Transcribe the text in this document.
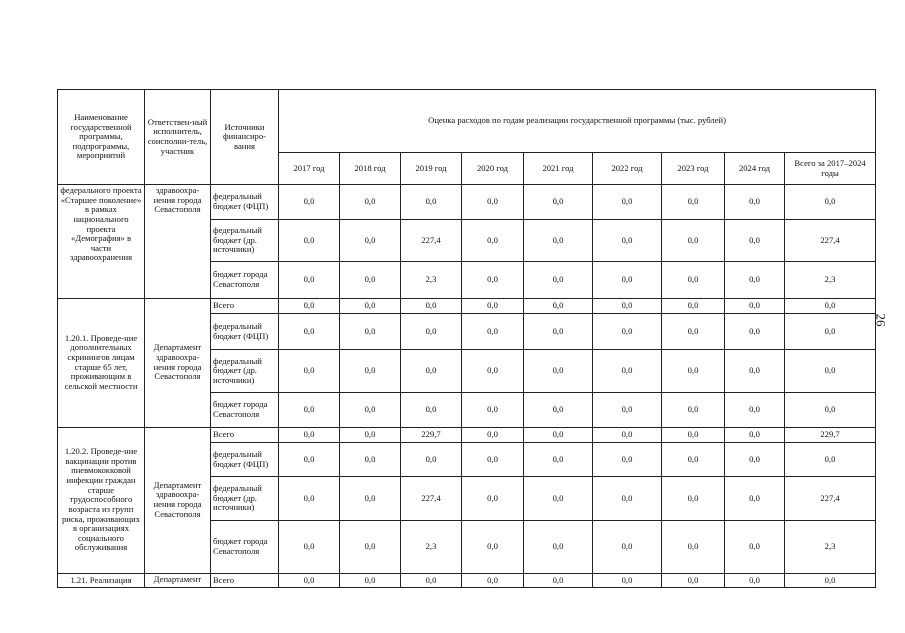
Наименование государственной программы, подпрограммы, мероприятий	Ответствен-ный исполнитель, соисполни-тель, участник	Источники финансиро-вания	Оценка расходов по годам реализации государственной программы (тыс. рублей)								
			2017 год	2018 год	2019 год	2020 год	2021 год	2022 год	2023 год	2024 год	Всего за 2017–2024 годы
федерального проекта «Старшее поколение» в рамках национального проекта «Демография» в части здравоохранения	здравоохра-нения города Севастополя	федеральный бюджет (ФЦП)	0,0	0,0	0,0	0,0	0,0	0,0	0,0	0,0	0,0
		федеральный бюджет (др. источники)	0,0	0,0	227,4	0,0	0,0	0,0	0,0	0,0	227,4
		бюджет города Севастополя	0,0	0,0	2,3	0,0	0,0	0,0	0,0	0,0	2,3
1.20.1. Проведе-ние дополнительных скринингов лицам старше 65 лет, проживающим в сельской местности	Департамент здравоохра-нения города Севастополя	Всего	0,0	0,0	0,0	0,0	0,0	0,0	0,0	0,0	0,0
		федеральный бюджет (ФЦП)	0,0	0,0	0,0	0,0	0,0	0,0	0,0	0,0	0,0
		федеральный бюджет (др. источники)	0,0	0,0	0,0	0,0	0,0	0,0	0,0	0,0	0,0
		бюджет города Севастополя	0,0	0,0	0,0	0,0	0,0	0,0	0,0	0,0	0,0
1.20.2. Проведе-ние вакцинации против пневмококковой инфекции граждан старше трудоспособного возраста из групп риска, проживающих в организациях социального обслуживания	Департамент здравоохра-нения города Севастополя	Всего	0,0	0,0	229,7	0,0	0,0	0,0	0,0	0,0	229,7
		федеральный бюджет (ФЦП)	0,0	0,0	0,0	0,0	0,0	0,0	0,0	0,0	0,0
		федеральный бюджет (др. источники)	0,0	0,0	227,4	0,0	0,0	0,0	0,0	0,0	227,4
		бюджет города Севастополя	0,0	0,0	2,3	0,0	0,0	0,0	0,0	0,0	2,3
1.21. Реализация	Департамент	Всего	0,0	0,0	0,0	0,0	0,0	0,0	0,0	0,0	0,0
26
